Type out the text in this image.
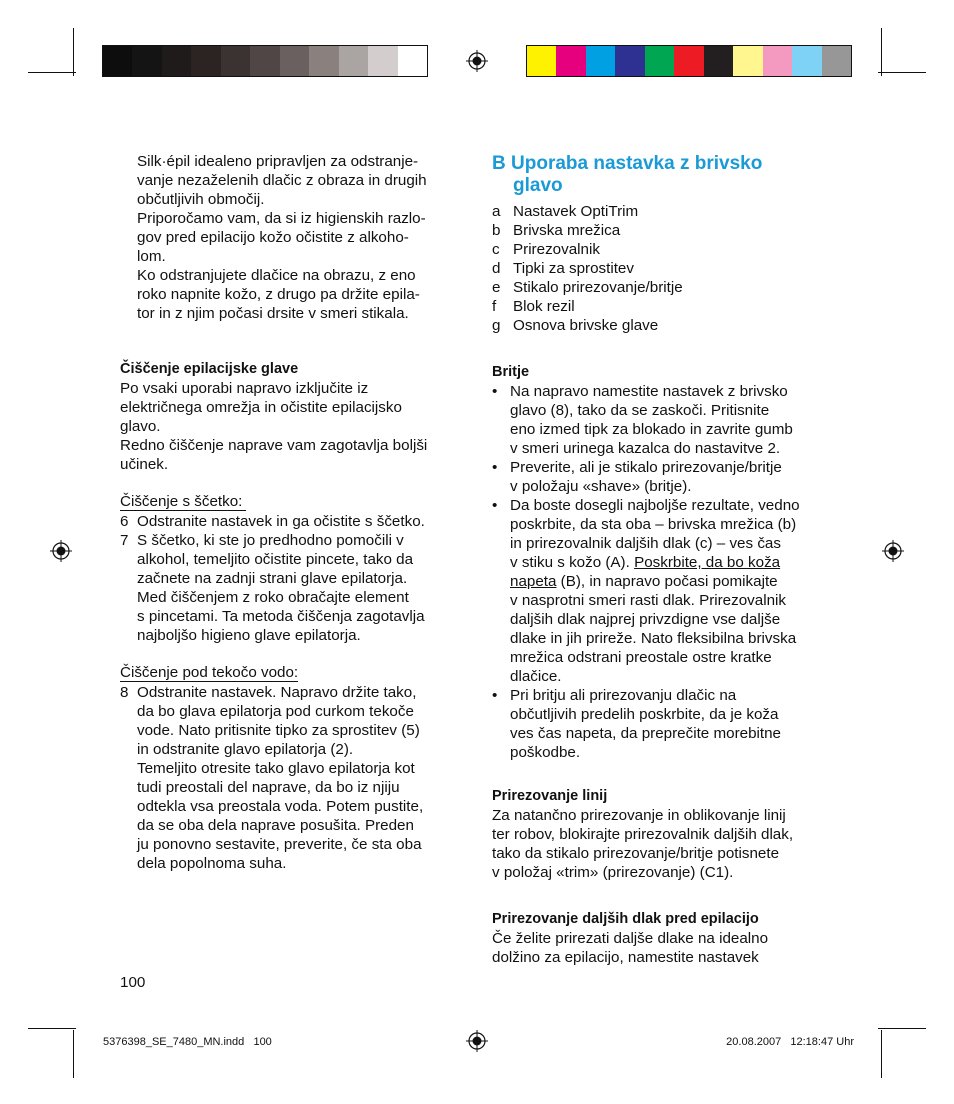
Silk·épil idealeno pripravljen za odstranje-
vanje nezaželenih dlačic z obraza in drugih
občutljivih območij.
Priporočamo vam, da si iz higienskih razlo-
gov pred epilacijo kožo očistite z alkoho-
lom.
Ko odstranjujete dlačice na obrazu, z eno
roko napnite kožo, z drugo pa držite epila-
tor in z njim počasi drsite v smeri stikala.
Čiščenje epilacijske glave
Po vsaki uporabi napravo izključite iz
električnega omrežja in očistite epilacijsko
glavo.
Redno čiščenje naprave vam zagotavlja boljši
učinek.
Čiščenje s ščetko:
6 Odstranite nastavek in ga očistite s ščetko.
7 S ščetko, ki ste jo predhodno pomočili v
alkohol, temeljito očistite pincete, tako da
začnete na zadnji strani glave epilatorja.
Med čiščenjem z roko obračajte element
s pincetami. Ta metoda čiščenja zagotavlja
najboljšo higieno glave epilatorja.
Čiščenje pod tekočo vodo:
8 Odstranite nastavek. Napravo držite tako,
da bo glava epilatorja pod curkom tekoče
vode. Nato pritisnite tipko za sprostitev (5)
in odstranite glavo epilatorja (2).
Temeljito otresite tako glavo epilatorja kot
tudi preostali del naprave, da bo iz njiju
odtekla vsa preostala voda. Potem pustite,
da se oba dela naprave posušita. Preden
ju ponovno sestavite, preverite, če sta oba
dela popolnoma suha.
B Uporaba nastavka z brivsko
glavo
a Nastavek OptiTrim
b Brivska mrežica
c Prirezovalnik
d Tipki za sprostitev
e Stikalo prirezovanje/britje
f Blok rezil
g Osnova brivske glave
Britje
• Na napravo namestite nastavek z brivsko
glavo (8), tako da se zaskoči. Pritisnite
eno izmed tipk za blokado in zavrite gumb
v smeri urinega kazalca do nastavitve 2.
• Preverite, ali je stikalo prirezovanje/britje
v položaju «shave» (britje).
• Da boste dosegli najboljše rezultate, vedno
poskrbite, da sta oba – brivska mrežica (b)
in prirezovalnik daljših dlak (c) – ves čas
v stiku s kožo (A). Poskrbite, da bo koža
napeta (B), in napravo počasi pomikajte
v nasprotni smeri rasti dlak. Prirezovalnik
daljših dlak najprej privzdigne vse daljše
dlake in jih prireže. Nato fleksibilna brivska
mrežica odstrani preostale ostre kratke
dlačice.
• Pri britju ali prirezovanju dlačic na
občutljivih predelih poskrbite, da je koža
ves čas napeta, da preprečite morebitne
poškodbe.
Prirezovanje linij
Za natančno prirezovanje in oblikovanje linij
ter robov, blokirajte prirezovalnik daljših dlak,
tako da stikalo prirezovanje/britje potisnete
v položaj «trim» (prirezovanje) (C1).
Prirezovanje daljših dlak pred epilacijo
Če želite prirezati daljše dlake na idealno
dolžino za epilacijo, namestite nastavek
100
5376398_SE_7480_MN.indd   100	20.08.2007   12:18:47 Uhr
